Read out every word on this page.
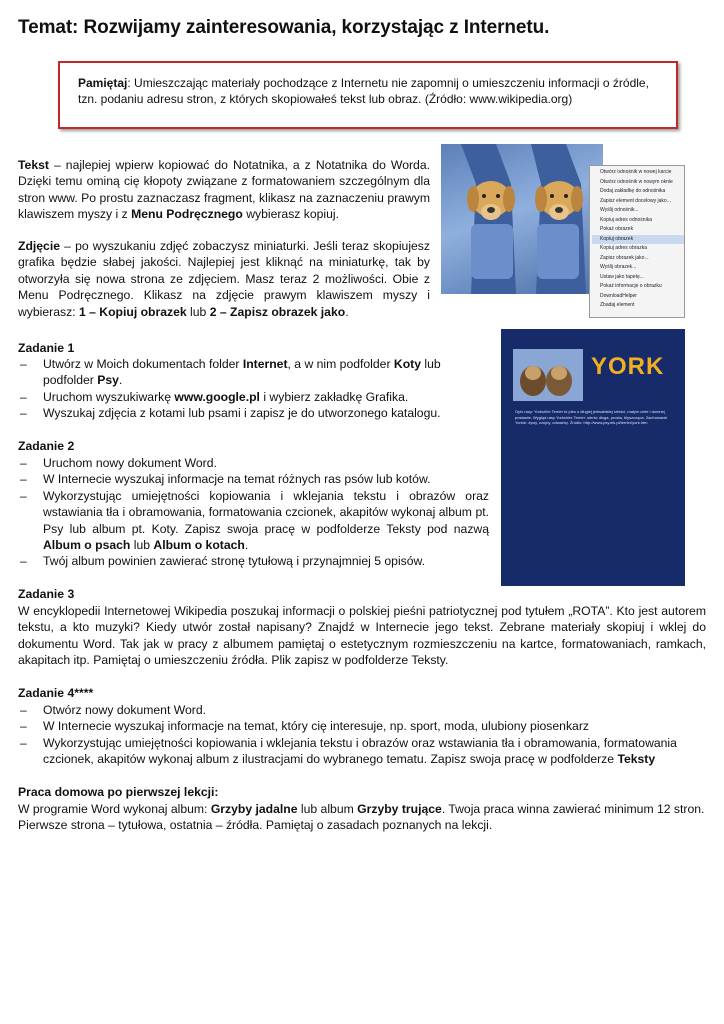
Temat: Rozwijamy zainteresowania, korzystając z Internetu.
Pamiętaj: Umieszczając materiały pochodzące z Internetu nie zapomnij o umieszczeniu informacji o źródle, tzn. podaniu adresu stron, z których skopiowałeś tekst lub obraz. (Źródło: www.wikipedia.org)

Tekst – najlepiej wpierw kopiować do Notatnika, a z Notatnika do Worda. Dzięki temu ominą cię kłopoty związane z formatowaniem szczególnym dla stron www. Po prostu zaznaczasz fragment, klikasz na zaznaczeniu prawym klawiszem myszy i z Menu Podręcznego wybierasz kopiuj.

Zdjęcie – po wyszukaniu zdjęć zobaczysz miniaturki. Jeśli teraz skopiujesz grafika będzie słabej jakości. Najlepiej jest kliknąć na miniaturkę, tak by otworzyła się nowa strona ze zdjęciem. Masz teraz 2 możliwości. Obie z Menu Podręcznego. Klikasz na zdjęcie prawym klawiszem myszy i wybierasz: 1 – Kopiuj obrazek lub 2 – Zapisz obrazek jako.

Otwórz odnośnik w nowej karcie
Otwórz odnośnik w nowym oknie
Dodaj zakładkę do odnośnika
Zapisz element docelowy jako...
Wyślij odnośnik...
Kopiuj adres odnośnika
Pokaż obrazek
Kopiuj obrazek
Kopiuj adres obrazka
Zapisz obrazek jako...
Wyślij obrazek...
Ustaw jako tapetę...
Pokaż informacje o obrazku
DownloadHelper
Zbadaj element

Zadanie 1

– Utwórz w Moich dokumentach folder Internet, a w nim podfolder Koty lub podfolder Psy.
– Uruchom wyszukiwarkę www.google.pl i wybierz zakładkę Grafika.
– Wyszukaj zdjęcia z kotami lub psami i zapisz je do utworzonego katalogu.

Zadanie 2

– Uruchom nowy dokument Word.
– W Internecie wyszukaj informacje na temat różnych ras psów lub kotów.
– Wykorzystując umiejętności kopiowania i wklejania tekstu i obrazów oraz wstawiania tła i obramowania, formatowania czcionek, akapitów wykonaj album pt. Psy lub album pt. Koty. Zapisz swoja pracę w podfolderze Teksty pod nazwą Album o psach lub Album o kotach.
– Twój album powinien zawierać stronę tytułową i przynajmniej 5 opisów.
YORK
Opis rasy: Yorkshire Terrier to pies o długiej jedwabistej sierści, małym ciele i dumnej postawie. Wygląd rasy Yorkshire Terrier: sierść długa, prosta, błyszcząca. Zachowanie Yorkie: żywy, czujny, odważny. Źródło: http://www.psy.elk.pl/terrier/york.htm

Zadanie 3

W encyklopedii Internetowej Wikipedia poszukaj informacji o polskiej pieśni patriotycznej pod tytułem „ROTA”. Kto jest autorem tekstu, a kto muzyki? Kiedy utwór został napisany? Znajdź w Internecie jego tekst. Zebrane materiały skopiuj i wklej do dokumentu Word. Tak jak w pracy z albumem pamiętaj o estetycznym rozmieszczeniu na kartce, formatowaniach, ramkach, akapitach itp. Pamiętaj o umieszczeniu źródła. Plik zapisz w podfolderze Teksty.

Zadanie 4****

– Otwórz nowy dokument Word.
– W Internecie wyszukaj informacje na temat, który cię interesuje, np. sport, moda, ulubiony piosenkarz
– Wykorzystując umiejętności kopiowania i wklejania tekstu i obrazów oraz wstawiania tła i obramowania, formatowania czcionek, akapitów wykonaj album z ilustracjami do wybranego tematu. Zapisz swoja pracę w podfolderze Teksty

Praca domowa po pierwszej lekcji:

W programie Word wykonaj album: Grzyby jadalne lub album Grzyby trujące. Twoja praca winna zawierać minimum 12 stron. Pierwsze strona – tytułowa, ostatnia – źródła. Pamiętaj o zasadach poznanych na lekcji.
